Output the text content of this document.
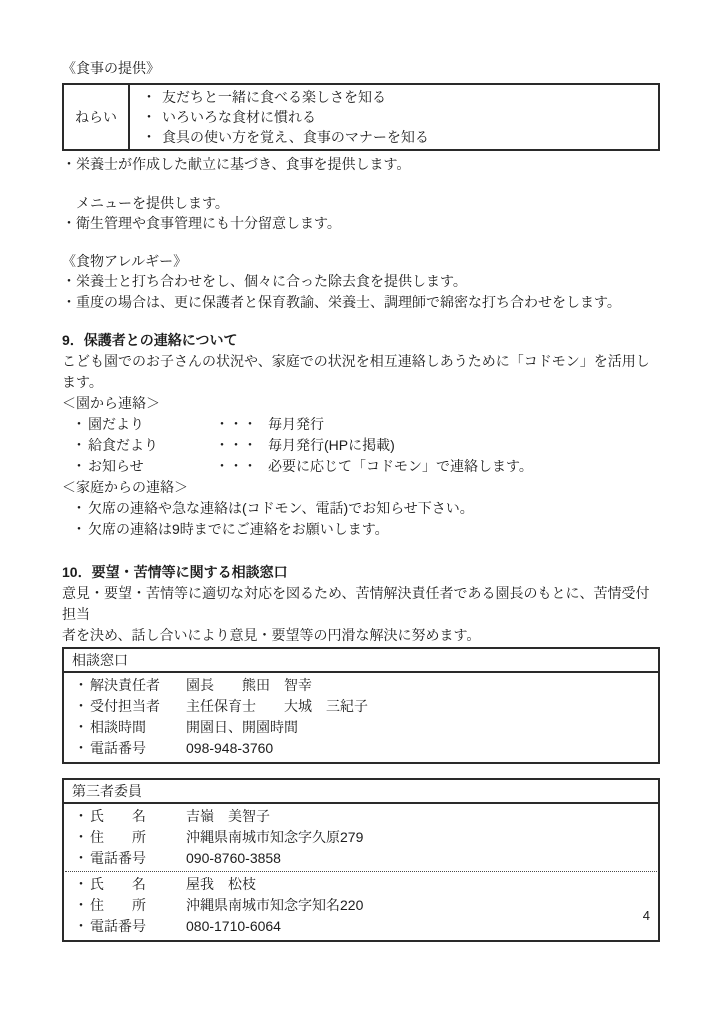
《食事の提供》
ねらい
・ 友だちと一緒に食べる楽しさを知る
・ いろいろな食材に慣れる
・ 食具の使い方を覚え、食事のマナーを知る
・栄養士が作成した献立に基づき、食事を提供します。
　メニューを提供します。
・衛生管理や食事管理にも十分留意します。
《食物アレルギー》
・栄養士と打ち合わせをし、個々に合った除去食を提供します。
・重度の場合は、更に保護者と保育教諭、栄養士、調理師で綿密な打ち合わせをします。
9．保護者との連絡について
こども園でのお子さんの状況や、家庭での状況を相互連絡しあうために「コドモン」を活用します。
＜園から連絡＞
・ 園だより	・・・ 毎月発行
・ 給食だより	・・・ 毎月発行(HPに掲載)
・ お知らせ	・・・ 必要に応じて「コドモン」で連絡します。
＜家庭からの連絡＞
・ 欠席の連絡や急な連絡は(コドモン、電話)でお知らせ下さい。
・ 欠席の連絡は9時までにご連絡をお願いします。
10．要望・苦情等に関する相談窓口
意見・要望・苦情等に適切な対応を図るため、苦情解決責任者である園長のもとに、苦情受付担当
者を決め、話し合いにより意見・要望等の円滑な解決に努めます。
相談窓口
・ 解決責任者	園長　　熊田　智幸
・ 受付担当者	主任保育士　　大城　三紀子
・ 相談時間	開園日、開園時間
・ 電話番号	098-948-3760
第三者委員
・ 氏　　名	吉嶺　美智子
・ 住　　所	沖縄県南城市知念字久原279
・ 電話番号	090-8760-3858
・ 氏　　名	屋我　松枝
・ 住　　所	沖縄県南城市知念字知名220
・ 電話番号	080-1710-6064
4
